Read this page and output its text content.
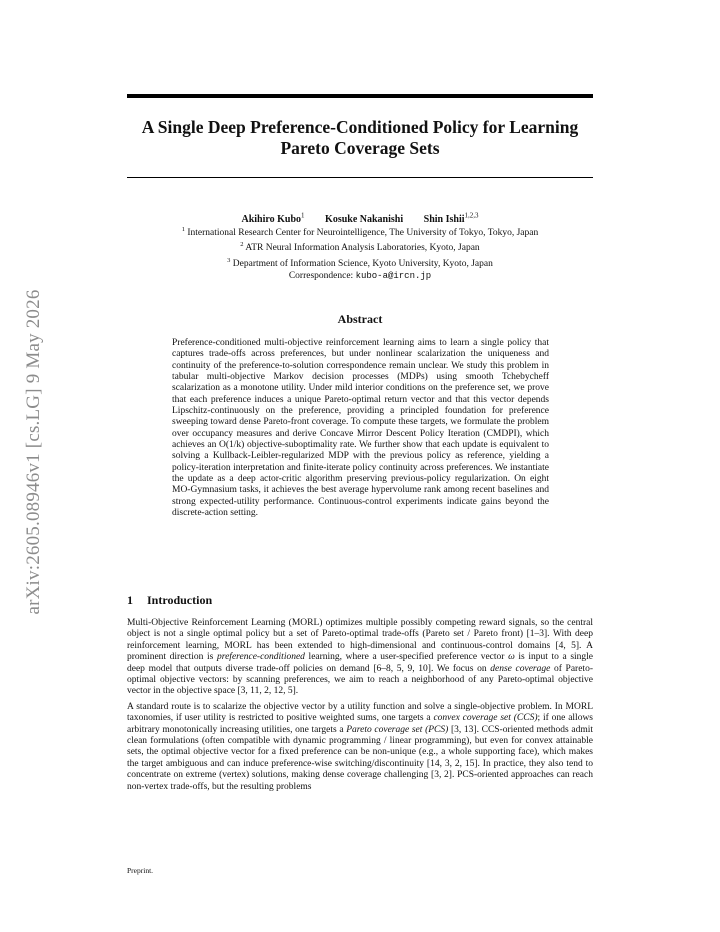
arXiv:2605.08946v1 [cs.LG] 9 May 2026
A Single Deep Preference-Conditioned Policy for Learning Pareto Coverage Sets
Akihiro Kubo$^1$ Kosuke Nakanishi Shin Ishii$^{1,2,3}$
$^1$ International Research Center for Neurointelligence, The University of Tokyo, Tokyo, Japan
$^2$ ATR Neural Information Analysis Laboratories, Kyoto, Japan
$^3$ Department of Information Science, Kyoto University, Kyoto, Japan
Correspondence: kubo-a@ircn.jp
Abstract
Preference-conditioned multi-objective reinforcement learning aims to learn a single policy that captures trade-offs across preferences, but under nonlinear scalarization the uniqueness and continuity of the preference-to-solution correspondence remain unclear. We study this problem in tabular multi-objective Markov decision processes (MDPs) using smooth Tchebycheff scalarization as a monotone utility. Under mild interior conditions on the preference set, we prove that each preference induces a unique Pareto-optimal return vector and that this vector depends Lipschitz-continuously on the preference, providing a principled foundation for preference sweeping toward dense Pareto-front coverage. To compute these targets, we formulate the problem over occupancy measures and derive Concave Mirror Descent Policy Iteration (CMDPI), which achieves an O(1/k) objective-suboptimality rate. We further show that each update is equivalent to solving a Kullback-Leibler-regularized MDP with the previous policy as reference, yielding a policy-iteration interpretation and finite-iterate policy continuity across preferences. We instantiate the update as a deep actor-critic algorithm preserving previous-policy regularization. On eight MO-Gymnasium tasks, it achieves the best average hypervolume rank among recent baselines and strong expected-utility performance. Continuous-control experiments indicate gains beyond the discrete-action setting.
1 Introduction

Multi-Objective Reinforcement Learning (MORL) optimizes multiple possibly competing reward signals, so the central object is not a single optimal policy but a set of Pareto-optimal trade-offs (Pareto set / Pareto front) [1–3]. With deep reinforcement learning, MORL has been extended to high-dimensional and continuous-control domains [4, 5]. A prominent direction is preference-conditioned learning, where a user-specified preference vector ω is input to a single deep model that outputs diverse trade-off policies on demand [6–8, 5, 9, 10]. We focus on dense coverage of Pareto-optimal objective vectors: by scanning preferences, we aim to reach a neighborhood of any Pareto-optimal objective vector in the objective space [3, 11, 2, 12, 5].

A standard route is to scalarize the objective vector by a utility function and solve a single-objective problem. In MORL taxonomies, if user utility is restricted to positive weighted sums, one targets a convex coverage set (CCS); if one allows arbitrary monotonically increasing utilities, one targets a Pareto coverage set (PCS) [3, 13]. CCS-oriented methods admit clean formulations (often compatible with dynamic programming / linear programming), but even for convex attainable sets, the optimal objective vector for a fixed preference can be non-unique (e.g., a whole supporting face), which makes the target ambiguous and can induce preference-wise switching/discontinuity [14, 3, 2, 15]. In practice, they also tend to concentrate on extreme (vertex) solutions, making dense coverage challenging [3, 2]. PCS-oriented approaches can reach non-vertex trade-offs, but the resulting problems

Preprint.
